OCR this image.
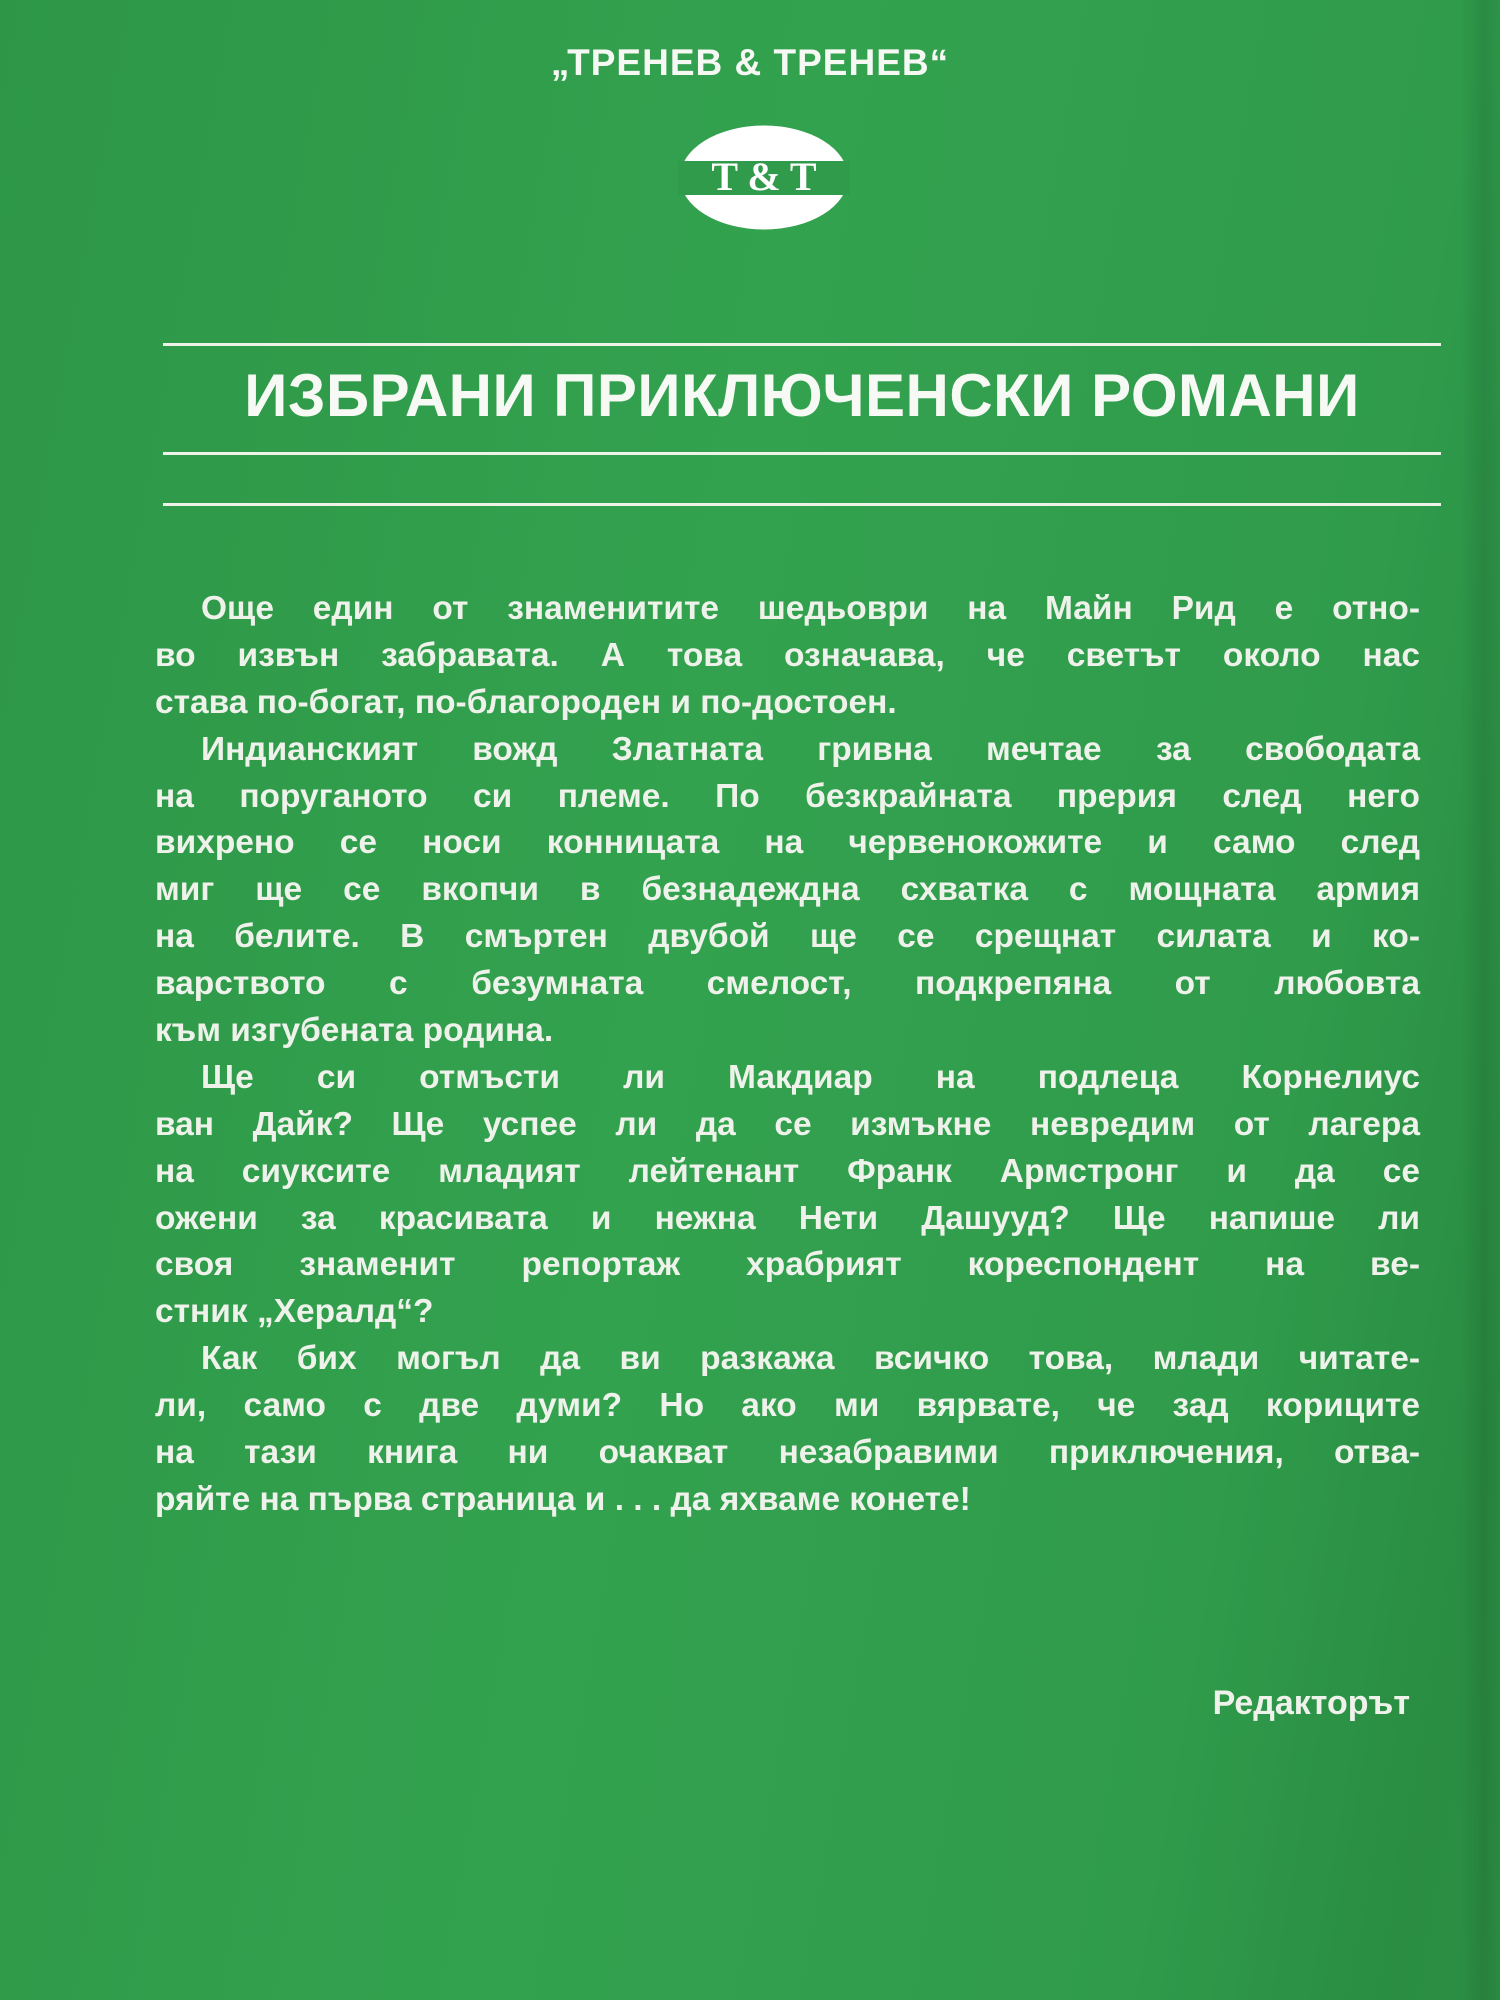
„ТРЕНЕВ & ТРЕНЕВ“
T & T
ИЗБРАНИ ПРИКЛЮЧЕНСКИ РОМАНИ
Още един от знаменитите шедьоври на Майн Рид е отно-
во извън забравата. А това означава, че светът около нас
става по-богат, по-благороден и по-достоен.
Индианският вожд Златната гривна мечтае за свободата
на поруганото си племе. По безкрайната прерия след него
вихрено се носи конницата на червенокожите и само след
миг ще се вкопчи в безнадеждна схватка с мощната армия
на белите. В смъртен двубой ще се срещнат силата и ко-
варството с безумната смелост, подкрепяна от любовта
към изгубената родина.
Ще си отмъсти ли Макдиар на подлеца Корнелиус
ван Дайк? Ще успее ли да се измъкне невредим от лагера
на сиуксите младият лейтенант Франк Армстронг и да се
ожени за красивата и нежна Нети Дашууд? Ще напише ли
своя знаменит репортаж храбрият кореспондент на ве-
стник „Хералд“?
Как бих могъл да ви разкажа всичко това, млади читате-
ли, само с две думи? Но ако ми вярвате, че зад кориците
на тази книга ни очакват незабравими приключения, отва-
ряйте на първа страница и . . . да яхваме конете!
Редакторът
